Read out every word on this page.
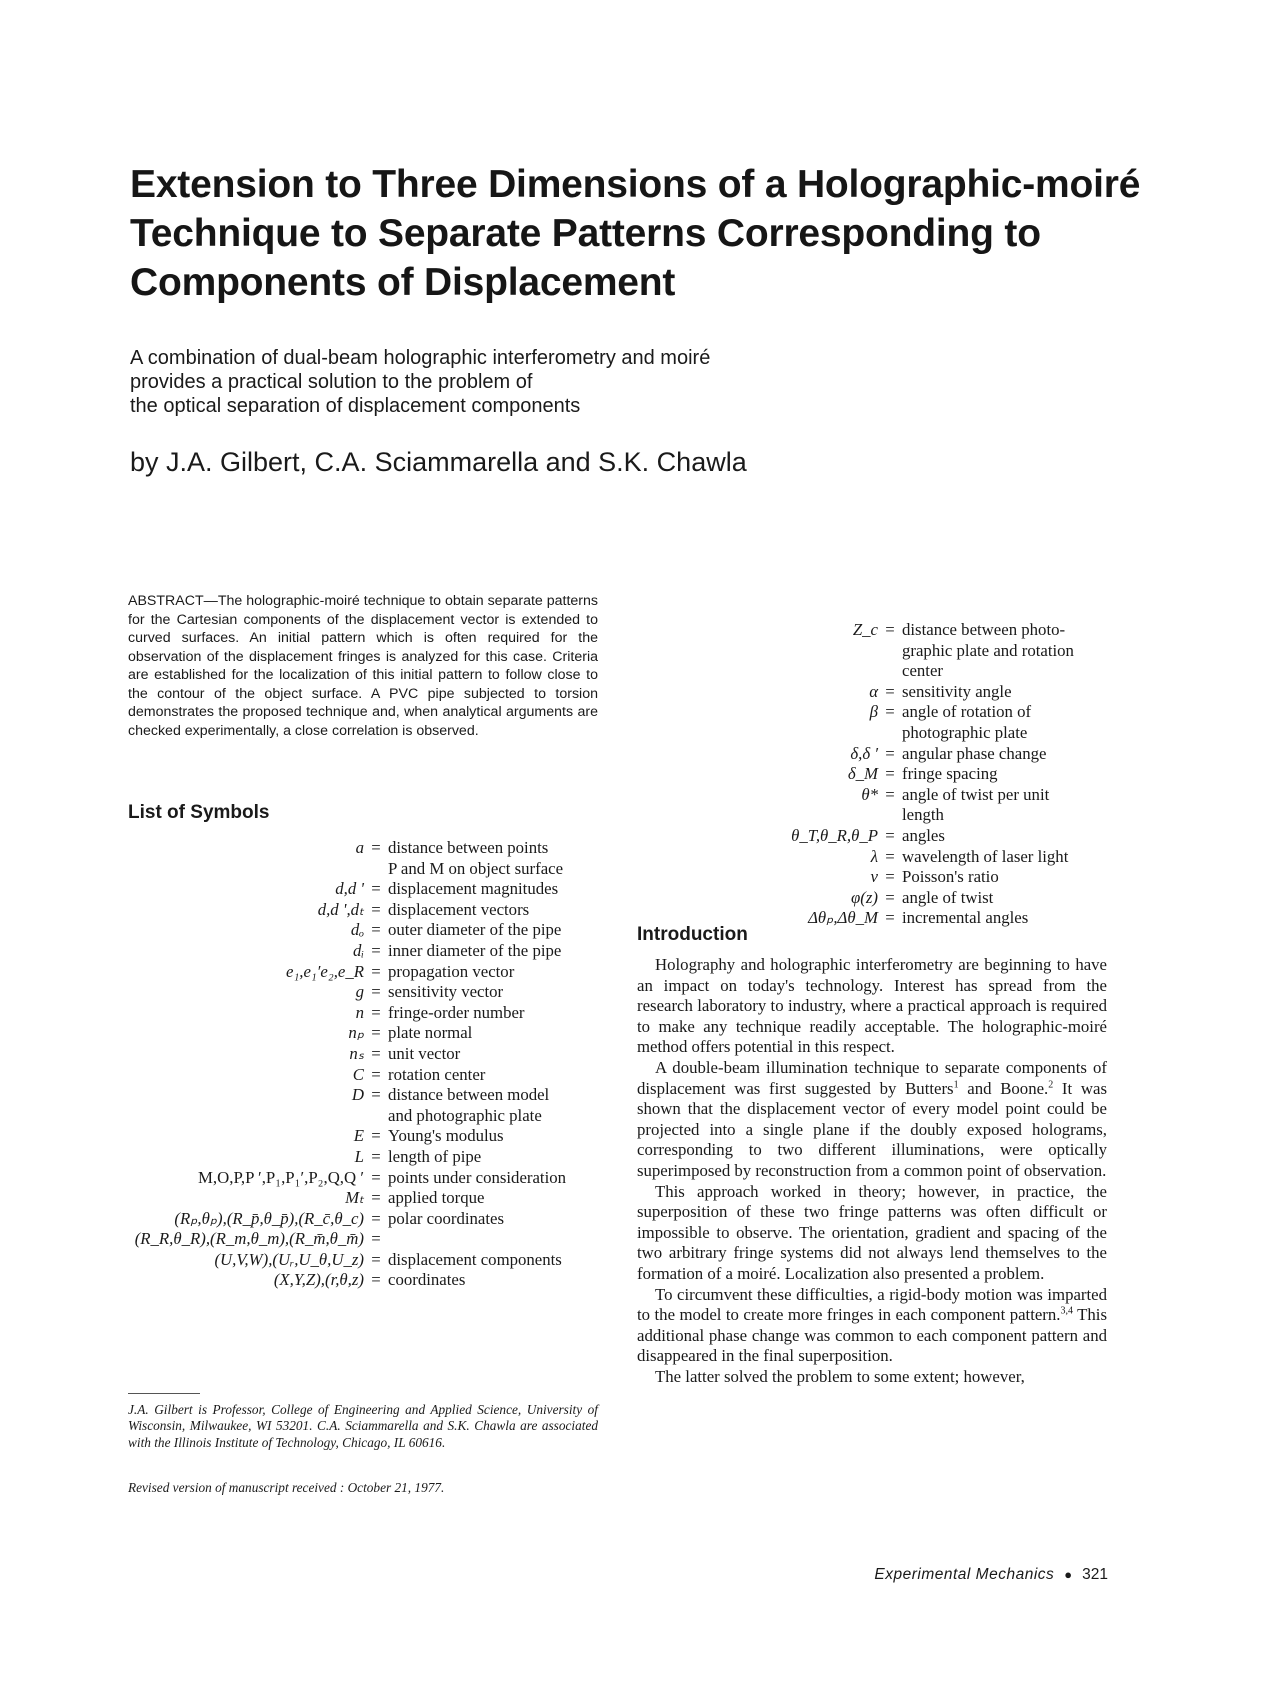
Extension to Three Dimensions of a Holographic-moiré Technique to Separate Patterns Corresponding to Components of Displacement
A combination of dual-beam holographic interferometry and moiré
provides a practical solution to the problem of
the optical separation of displacement components
by J.A. Gilbert, C.A. Sciammarella and S.K. Chawla

ABSTRACT—The holographic-moiré technique to obtain separate patterns for the Cartesian components of the displacement vector is extended to curved surfaces. An initial pattern which is often required for the observation of the displacement fringes is analyzed for this case. Criteria are established for the localization of this initial pattern to follow close to the contour of the object surface. A PVC pipe subjected to torsion demonstrates the proposed technique and, when analytical arguments are checked experimentally, a close correlation is observed.

List of Symbols
a	=	distance between points
		P and M on object surface
d,d '	=	displacement magnitudes
d,d ',dₜ	=	displacement vectors
dₒ	=	outer diameter of the pipe
dᵢ	=	inner diameter of the pipe
e₁,e₁′e₂,e_R	=	propagation vector
g	=	sensitivity vector
n	=	fringe-order number
nₚ	=	plate normal
nₛ	=	unit vector
C	=	rotation center
D	=	distance between model
		and photographic plate
E	=	Young's modulus
L	=	length of pipe
M,O,P,P ′,P₁,P₁′,P₂,Q,Q ′	=	points under consideration
Mₜ	=	applied torque
(Rₚ,θₚ),(R_p̄,θ_p̄),(R_c̄,θ_c)	=	polar coordinates
(R_R,θ_R),(R_m,θ_m),(R_m̄,θ_m̄)	=	
(U,V,W),(Uᵣ,U_θ,U_z)	=	displacement components
(X,Y,Z),(r,θ,z)	=	coordinates
Z_c	=	distance between photo-
		graphic plate and rotation
		center
α	=	sensitivity angle
β	=	angle of rotation of
		photographic plate
δ,δ ′	=	angular phase change
δ_M	=	fringe spacing
θ*	=	angle of twist per unit
		length
θ_T,θ_R,θ_P	=	angles
λ	=	wavelength of laser light
ν	=	Poisson's ratio
φ(z)	=	angle of twist
Δθₚ,Δθ_M	=	incremental angles

J.A. Gilbert is Professor, College of Engineering and Applied Science, University of Wisconsin, Milwaukee, WI 53201. C.A. Sciammarella and S.K. Chawla are associated with the Illinois Institute of Technology, Chicago, IL 60616.

Revised version of manuscript received : October 21, 1977.

Introduction

Holography and holographic interferometry are beginning to have an impact on today's technology. Interest has spread from the research laboratory to industry, where a practical approach is required to make any technique readily acceptable. The holographic-moiré method offers potential in this respect.

A double-beam illumination technique to separate components of displacement was first suggested by Butters$^1$ and Boone.$^2$ It was shown that the displacement vector of every model point could be projected into a single plane if the doubly exposed holograms, corresponding to two different illuminations, were optically superimposed by reconstruction from a common point of observation.

This approach worked in theory; however, in practice, the superposition of these two fringe patterns was often difficult or impossible to observe. The orientation, gradient and spacing of the two arbitrary fringe systems did not always lend themselves to the formation of a moiré. Localization also presented a problem.

To circumvent these difficulties, a rigid-body motion was imparted to the model to create more fringes in each component pattern.$^{3,4}$ This additional phase change was common to each component pattern and disappeared in the final superposition.

The latter solved the problem to some extent; however,

Experimental Mechanics ● 321
